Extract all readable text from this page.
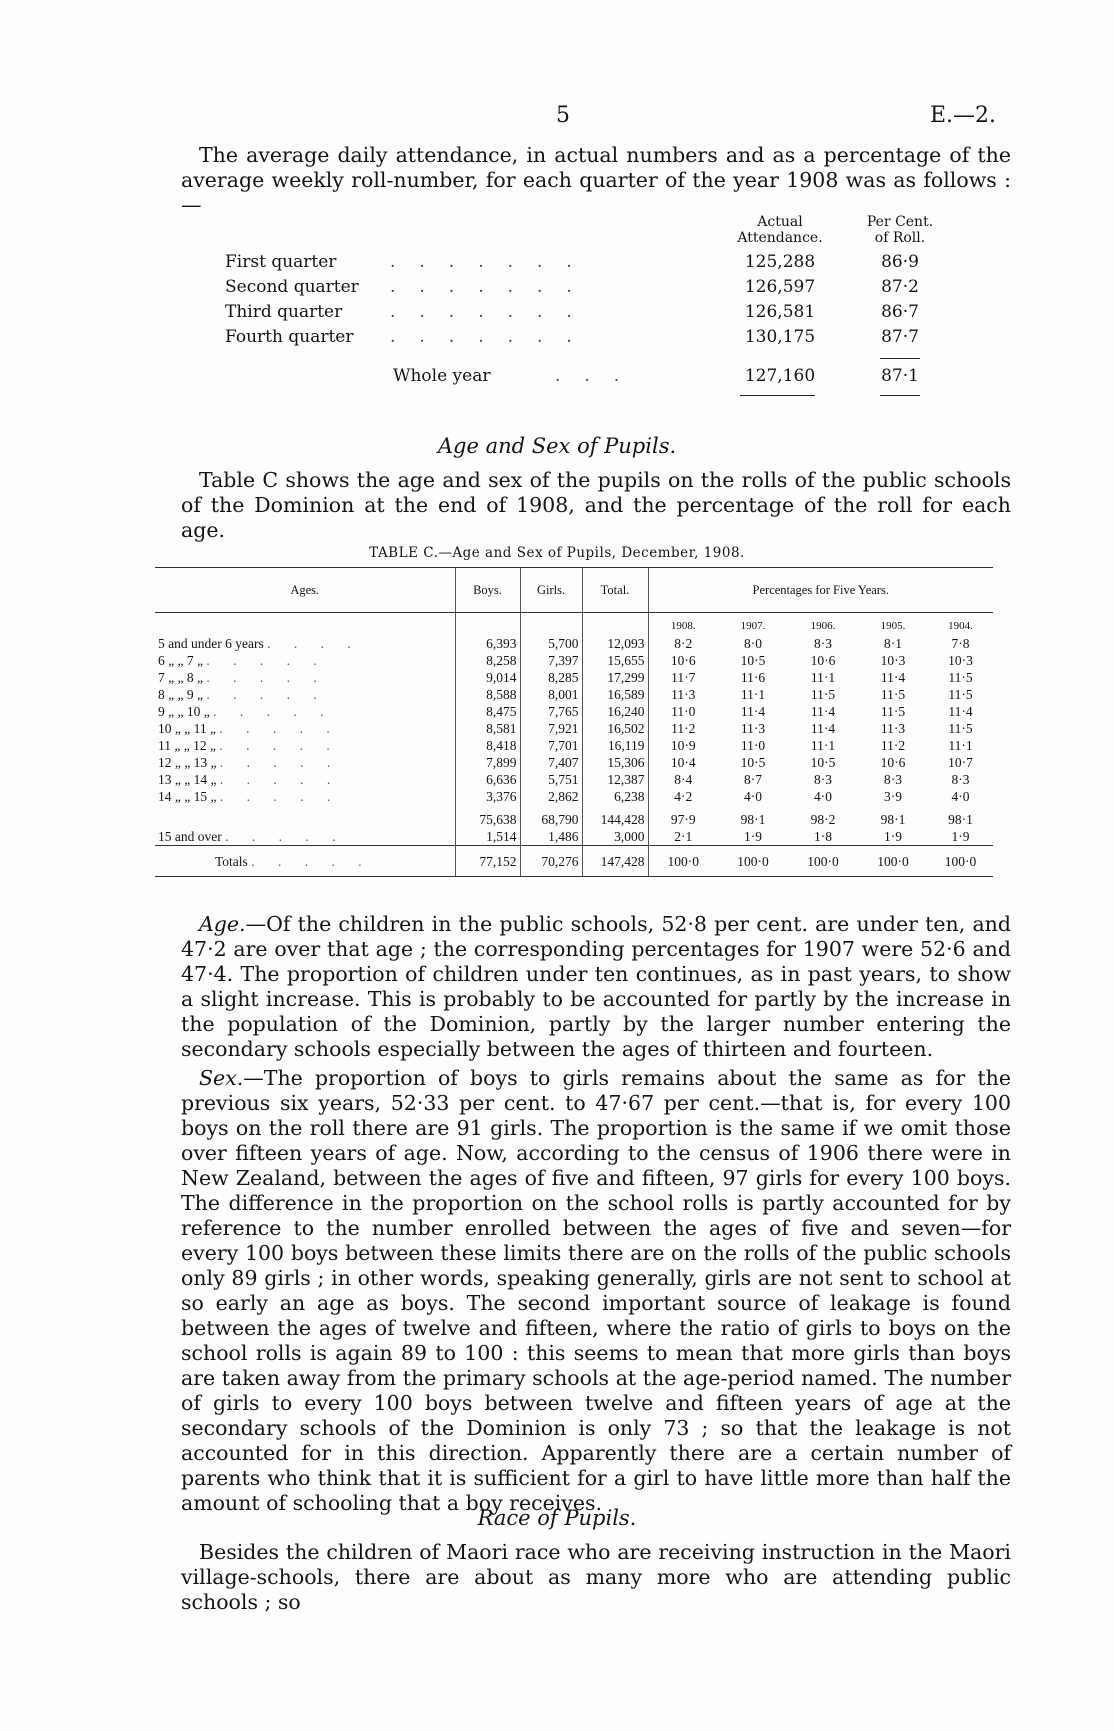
5	E.—2.
The average daily attendance, in actual numbers and as a percentage of the average weekly roll-number, for each quarter of the year 1908 was as follows :—
Actual Attendance.
Per Cent. of Roll.
First quarter	.......	125,288	86·9
Second quarter .......	126,597	87·2
Third quarter	.......	126,581	86·7
Fourth quarter .......	130,175	87·7
Whole year	...	127,160	87·1
Age and Sex of Pupils.
Table C shows the age and sex of the pupils on the rolls of the public schools of the Dominion at the end of 1908, and the percentage of the roll for each age.
TABLE C.—Age and Sex of Pupils, December, 1908.
Ages.	Boys.	Girls.	Total.	Percentages for Five Years.				
				1908.	1907.	1906.	1905.	1904.
5 and under 6 years . . . .	6,393	5,700	12,093	8·2	8·0	8·3	8·1	7·8
6 „ „ 7 „ . . . . .	8,258	7,397	15,655	10·6	10·5	10·6	10·3	10·3
7 „ „ 8 „ . . . . .	9,014	8,285	17,299	11·7	11·6	11·1	11·4	11·5
8 „ „ 9 „ . . . . .	8,588	8,001	16,589	11·3	11·1	11·5	11·5	11·5
9 „ „ 10 „ . . . . .	8,475	7,765	16,240	11·0	11·4	11·4	11·5	11·4
10 „ „ 11 „ . . . . .	8,581	7,921	16,502	11·2	11·3	11·4	11·3	11·5
11 „ „ 12 „ . . . . .	8,418	7,701	16,119	10·9	11·0	11·1	11·2	11·1
12 „ „ 13 „ . . . . .	7,899	7,407	15,306	10·4	10·5	10·5	10·6	10·7
13 „ „ 14 „ . . . . .	6,636	5,751	12,387	8·4	8·7	8·3	8·3	8·3
14 „ „ 15 „ . . . . .	3,376	2,862	6,238	4·2	4·0	4·0	3·9	4·0
	75,638	68,790	144,428	97·9	98·1	98·2	98·1	98·1
15 and over . . . . .	1,514	1,486	3,000	2·1	1·9	1·8	1·9	1·9
Totals . . . . .	77,152	70,276	147,428	100·0	100·0	100·0	100·0	100·0
Age.—Of the children in the public schools, 52·8 per cent. are under ten, and 47·2 are over that age ; the corresponding percentages for 1907 were 52·6 and 47·4. The proportion of children under ten continues, as in past years, to show a slight increase. This is probably to be accounted for partly by the increase in the population of the Dominion, partly by the larger number entering the secondary schools especially between the ages of thirteen and fourteen.
Sex.—The proportion of boys to girls remains about the same as for the previous six years, 52·33 per cent. to 47·67 per cent.—that is, for every 100 boys on the roll there are 91 girls. The proportion is the same if we omit those over fifteen years of age. Now, according to the census of 1906 there were in New Zealand, between the ages of five and fifteen, 97 girls for every 100 boys. The difference in the proportion on the school rolls is partly accounted for by reference to the number enrolled between the ages of five and seven—for every 100 boys between these limits there are on the rolls of the public schools only 89 girls ; in other words, speaking generally, girls are not sent to school at so early an age as boys. The second important source of leakage is found between the ages of twelve and fifteen, where the ratio of girls to boys on the school rolls is again 89 to 100 : this seems to mean that more girls than boys are taken away from the primary schools at the age-period named. The number of girls to every 100 boys between twelve and fifteen years of age at the secondary schools of the Dominion is only 73 ; so that the leakage is not accounted for in this direction. Apparently there are a certain number of parents who think that it is sufficient for a girl to have little more than half the amount of schooling that a boy receives.
Race of Pupils.
Besides the children of Maori race who are receiving instruction in the Maori village-schools, there are about as many more who are attending public schools ; so
